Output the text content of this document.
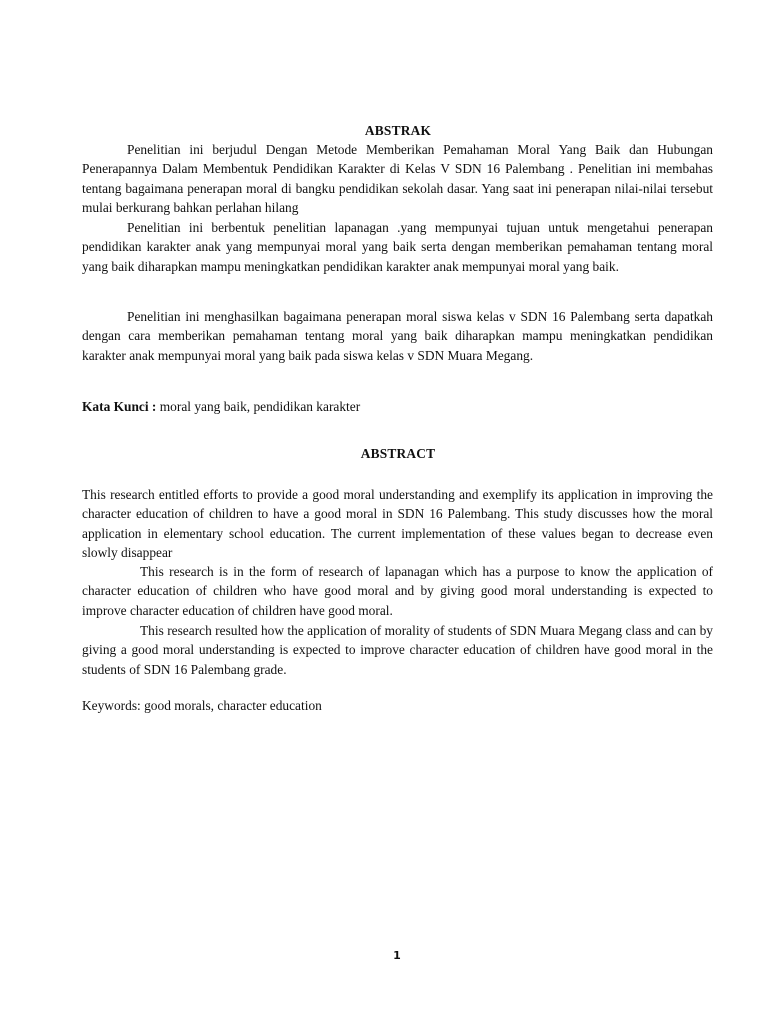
ABSTRAK

Penelitian ini berjudul Dengan Metode Memberikan Pemahaman Moral Yang Baik dan Hubungan Penerapannya Dalam Membentuk Pendidikan Karakter di Kelas V SDN 16 Palembang . Penelitian ini membahas tentang bagaimana penerapan moral di bangku pendidikan sekolah dasar. Yang saat ini penerapan nilai-nilai tersebut mulai berkurang bahkan perlahan hilang

Penelitian ini berbentuk penelitian lapanagan .yang mempunyai tujuan untuk mengetahui penerapan pendidikan karakter anak yang mempunyai moral yang baik serta dengan memberikan pemahaman tentang moral yang baik diharapkan mampu meningkatkan pendidikan karakter anak mempunyai moral yang baik.

Penelitian ini menghasilkan bagaimana penerapan moral siswa kelas v SDN 16 Palembang serta dapatkah dengan cara memberikan pemahaman tentang moral yang baik diharapkan mampu meningkatkan pendidikan karakter anak mempunyai moral yang baik pada siswa kelas v SDN Muara Megang.

Kata Kunci : moral yang baik, pendidikan karakter

ABSTRACT

This research entitled efforts to provide a good moral understanding and exemplify its application in improving the character education of children to have a good moral in SDN 16 Palembang. This study discusses how the moral application in elementary school education. The current implementation of these values began to decrease even slowly disappear

This research is in the form of research of lapanagan which has a purpose to know the application of character education of children who have good moral and by giving good moral understanding is expected to improve character education of children have good moral.

This research resulted how the application of morality of students of SDN Muara Megang class and can by giving a good moral understanding is expected to improve character education of children have good moral in the students of SDN 16 Palembang grade.

Keywords: good morals, character education

1
